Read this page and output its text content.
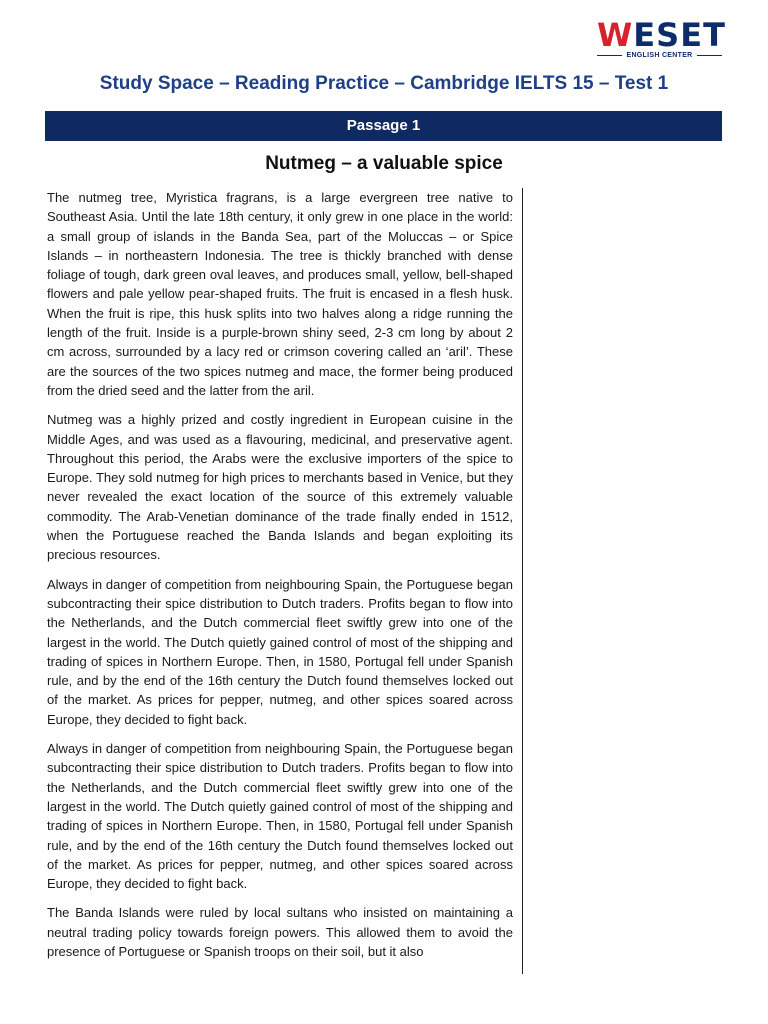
WESET
ENGLISH CENTER
Study Space – Reading Practice – Cambridge IELTS 15 – Test 1
Passage 1
Nutmeg – a valuable spice

The nutmeg tree, Myristica fragrans, is a large evergreen tree native to Southeast Asia. Until the late 18th century, it only grew in one place in the world: a small group of islands in the Banda Sea, part of the Moluccas – or Spice Islands – in northeastern Indonesia. The tree is thickly branched with dense foliage of tough, dark green oval leaves, and produces small, yellow, bell-shaped flowers and pale yellow pear-shaped fruits. The fruit is encased in a flesh husk. When the fruit is ripe, this husk splits into two halves along a ridge running the length of the fruit. Inside is a purple-brown shiny seed, 2-3 cm long by about 2 cm across, surrounded by a lacy red or crimson covering called an ‘aril’. These are the sources of the two spices nutmeg and mace, the former being produced from the dried seed and the latter from the aril.

Nutmeg was a highly prized and costly ingredient in European cuisine in the Middle Ages, and was used as a flavouring, medicinal, and preservative agent. Throughout this period, the Arabs were the exclusive importers of the spice to Europe. They sold nutmeg for high prices to merchants based in Venice, but they never revealed the exact location of the source of this extremely valuable commodity. The Arab-Venetian dominance of the trade finally ended in 1512, when the Portuguese reached the Banda Islands and began exploiting its precious resources.

Always in danger of competition from neighbouring Spain, the Portuguese began subcontracting their spice distribution to Dutch traders. Profits began to flow into the Netherlands, and the Dutch commercial fleet swiftly grew into one of the largest in the world. The Dutch quietly gained control of most of the shipping and trading of spices in Northern Europe. Then, in 1580, Portugal fell under Spanish rule, and by the end of the 16th century the Dutch found themselves locked out of the market. As prices for pepper, nutmeg, and other spices soared across Europe, they decided to fight back.

Always in danger of competition from neighbouring Spain, the Portuguese began subcontracting their spice distribution to Dutch traders. Profits began to flow into the Netherlands, and the Dutch commercial fleet swiftly grew into one of the largest in the world. The Dutch quietly gained control of most of the shipping and trading of spices in Northern Europe. Then, in 1580, Portugal fell under Spanish rule, and by the end of the 16th century the Dutch found themselves locked out of the market. As prices for pepper, nutmeg, and other spices soared across Europe, they decided to fight back.

The Banda Islands were ruled by local sultans who insisted on maintaining a neutral trading policy towards foreign powers. This allowed them to avoid the presence of Portuguese or Spanish troops on their soil, but it also
